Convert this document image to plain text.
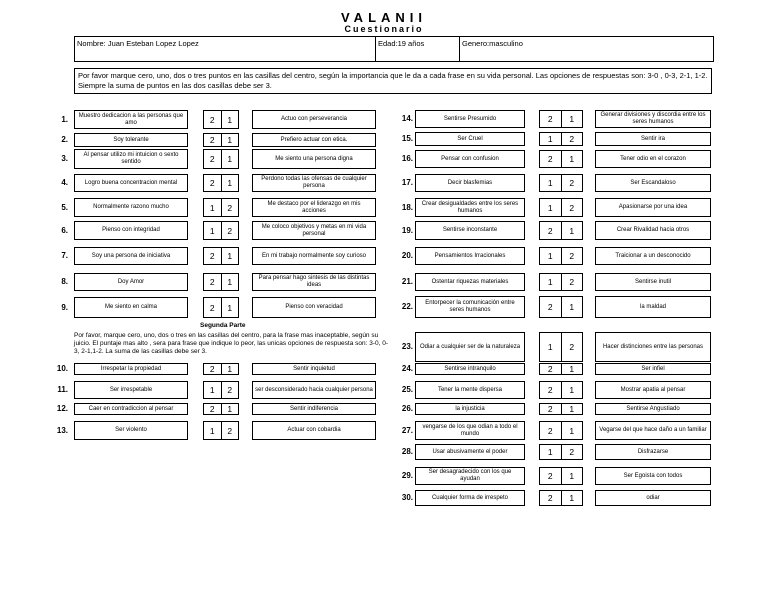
VALANII
Cuestionario
Nombre: Juan Esteban Lopez Lopez	Edad:19 años	Genero:masculino
Por favor marque cero, uno, dos o tres puntos en las casillas del centro, según la importancia que le da a cada frase en su vida personal. Las opciones de respuestas son: 3-0 , 0-3, 2-1, 1-2. Siempre la suma de puntos en las dos casillas debe ser 3.
Segunda Parte
Por favor, marque cero, uno, dos o tres en las casillas del centro, para la frase mas inaceptable, según su juicio. El puntaje mas alto , sera para frase que indique lo peor, las unicas opciones de respuesta son: 3-0, 0-3, 2-1,1-2. La suma de las casillas debe ser 3.
1.	Muestro dedicacion a las personas que amo	2	1	Actuo con perseverancia
2.	Soy tolerante	2	1	Prefiero actuar con etica.
3.	Al pensar utilizo mi intuicion o sexto sentido	2	1	Me siento una persona digna
4.	Logro buena concentracion mental	2	1	Perdono todas las ofensas de cualquier persona
5.	Normalmente razono mucho	1	2	Me destaco por el liderazgo en mis acciones
6.	Pienso con integridad	1	2	Me coloco objetivos y metas en mi vida personal
7.	Soy una persona de iniciativa	2	1	En mi trabajo normalmente soy curioso
8.	Doy Amor	2	1	Para pensar hago sintesis de las distintas ideas
9.	Me siento en calma	2	1	Pienso con veracidad
10.	Irrespetar la propiedad	2	1	Sentir inquietud
11.	Ser irrespetable	1	2	ser desconsiderado hacia cualquier persona
12.	Caer en contradiccion al pensar	2	1	Sentir indiferencia
13.	Ser violento	1	2	Actuar con cobardia
14.	Sentirse Presumido	2	1	Generar divisiones y discordia entre los seres humanos
15.	Ser Cruel	1	2	Sentir ira
16.	Pensar con confusion	2	1	Tener odio en el corazon
17.	Decir blasfemias	1	2	Ser Escandaloso
18.	Crear desigualdades entre los seres humanos	1	2	Apasionarse por una idea
19.	Sentirse inconstante	2	1	Crear Rivalidad hacia otros
20.	Pensamientos Irracionales	1	2	Traicionar a un desconocido
21.	Ostentar riquezas materiales	1	2	Sentirse inutil
22.	Entorpecer la comunicación entre seres humanos	2	1	la maldad
23.	Odiar a cualquier ser de la naturaleza	1	2	Hacer distinciones entre las personas
24.	Sentirse intranquilo	2	1	Ser infiel
25.	Tener la mente dispersa	2	1	Mostrar apatia al pensar
26.	la injusticia	2	1	Sentirse Angustiado
27.	vengarse de los que odian a todo el mundo	2	1	Vegarse del que hace daño a un familiar
28.	Usar abusivamente el poder	1	2	Disfrazarse
29.	Ser desagradecido con los que ayudan	2	1	Ser Egoista con todos
30.	Cualquier forma de irrespeto	2	1	odiar
